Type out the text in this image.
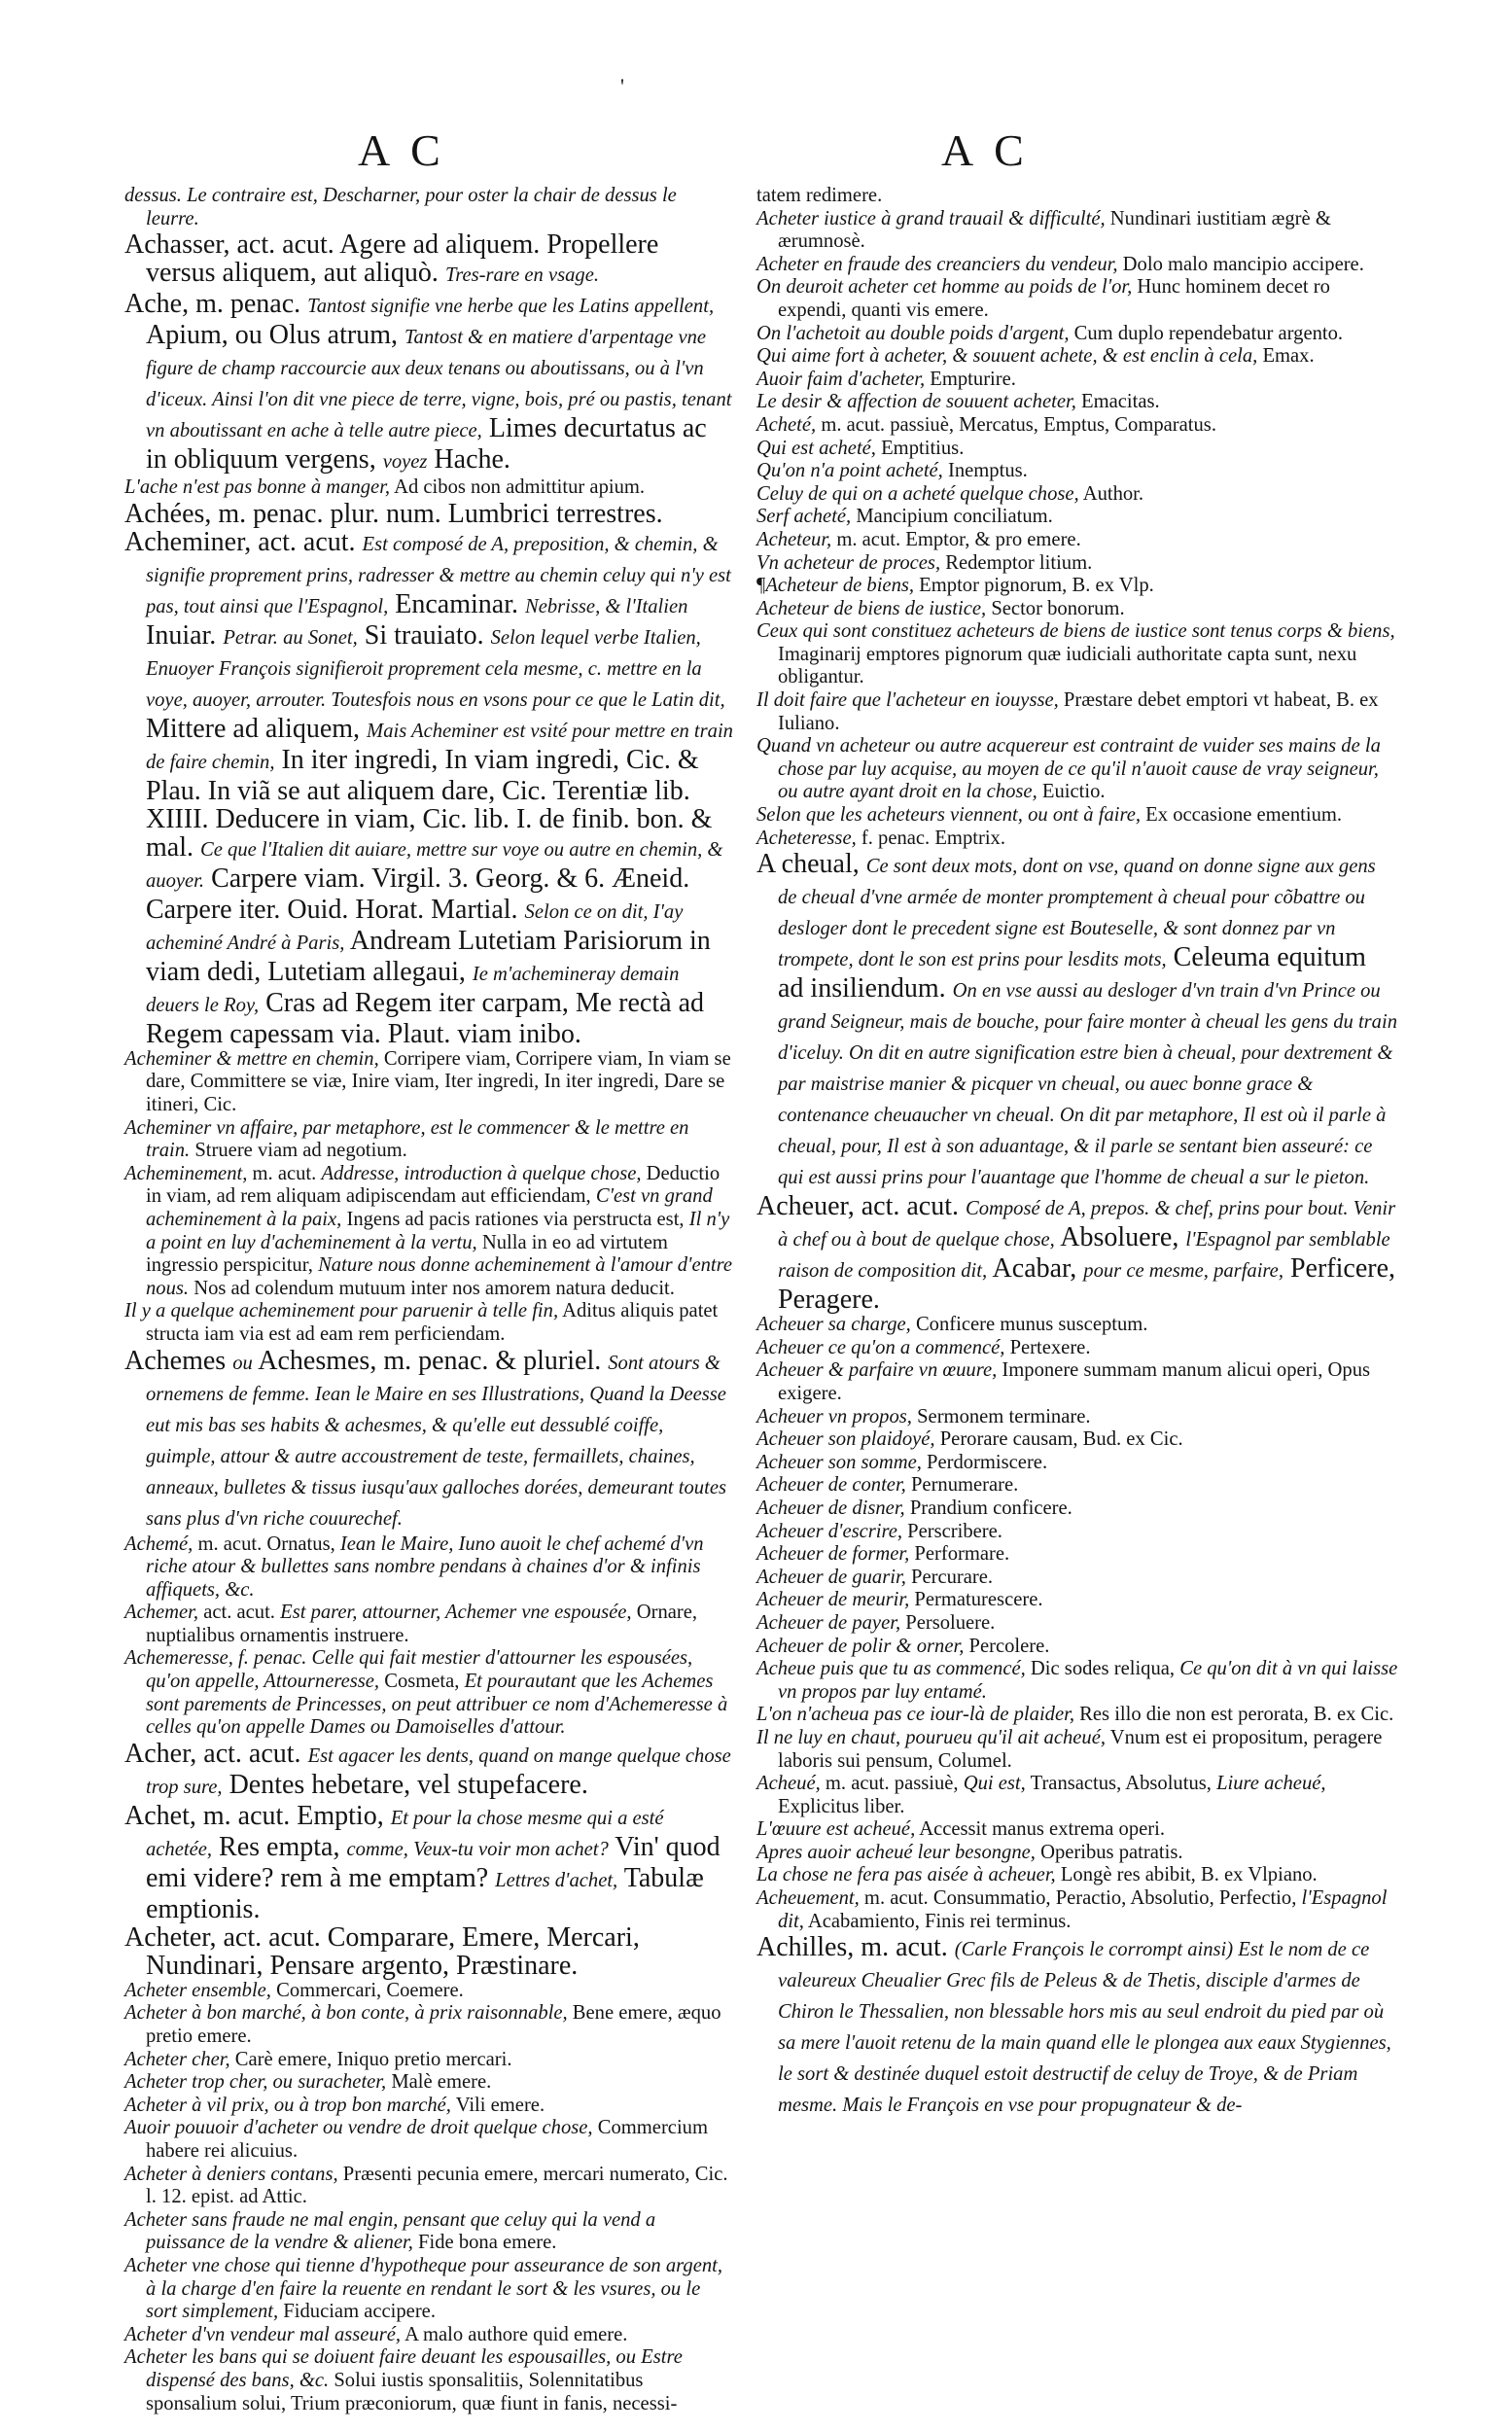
'
A C	A C

dessus. Le contraire est, Descharner, pour oster la chair de dessus le leurre.

Achasser, act. acut. Agere ad aliquem. Propellere versus aliquem, aut aliquò. Tres-rare en vsage.

Ache, m. penac. Tantost signifie vne herbe que les Latins appellent, Apium, ou Olus atrum, Tantost & en matiere d'arpentage vne figure de champ raccourcie aux deux tenans ou aboutissans, ou à l'vn d'iceux. Ainsi l'on dit vne piece de terre, vigne, bois, pré ou pastis, tenant vn aboutissant en ache à telle autre piece, Limes decurtatus ac in obliquum vergens, voyez Hache.

L'ache n'est pas bonne à manger, Ad cibos non admittitur apium.

Achées, m. penac. plur. num. Lumbrici terrestres.

Acheminer, act. acut. Est composé de A, preposition, & chemin, & signifie proprement prins, radresser & mettre au chemin celuy qui n'y est pas, tout ainsi que l'Espagnol, Encaminar. Nebrisse, & l'Italien Inuiar. Petrar. au Sonet, Si trauiato. Selon lequel verbe Italien, Enuoyer François signifieroit proprement cela mesme, c. mettre en la voye, auoyer, arrouter. Toutesfois nous en vsons pour ce que le Latin dit, Mittere ad aliquem, Mais Acheminer est vsité pour mettre en train de faire chemin, In iter ingredi, In viam ingredi, Cic. & Plau. In viã se aut aliquem dare, Cic. Terentiæ lib. XIIII. Deducere in viam, Cic. lib. I. de finib. bon. & mal. Ce que l'Italien dit auiare, mettre sur voye ou autre en chemin, & auoyer. Carpere viam. Virgil. 3. Georg. & 6. Æneid. Carpere iter. Ouid. Horat. Martial. Selon ce on dit, I'ay acheminé André à Paris, Andream Lutetiam Parisiorum in viam dedi, Lutetiam allegaui, Ie m'achemineray demain deuers le Roy, Cras ad Regem iter carpam, Me rectà ad Regem capessam via. Plaut. viam inibo.

Acheminer & mettre en chemin, Corripere viam, Corripere viam, In viam se dare, Committere se viæ, Inire viam, Iter ingredi, In iter ingredi, Dare se itineri, Cic.

Acheminer vn affaire, par metaphore, est le commencer & le mettre en train. Struere viam ad negotium.

Acheminement, m. acut. Addresse, introduction à quelque chose, Deductio in viam, ad rem aliquam adipiscendam aut efficiendam, C'est vn grand acheminement à la paix, Ingens ad pacis rationes via perstructa est, Il n'y a point en luy d'acheminement à la vertu, Nulla in eo ad virtutem ingressio perspicitur, Nature nous donne acheminement à l'amour d'entre nous. Nos ad colendum mutuum inter nos amorem natura deducit.

Il y a quelque acheminement pour paruenir à telle fin, Aditus aliquis patet structa iam via est ad eam rem perficiendam.

Achemes ou Achesmes, m. penac. & pluriel. Sont atours & ornemens de femme. Iean le Maire en ses Illustrations, Quand la Deesse eut mis bas ses habits & achesmes, & qu'elle eut dessublé coiffe, guimple, attour & autre accoustrement de teste, fermaillets, chaines, anneaux, bulletes & tissus iusqu'aux galloches dorées, demeurant toutes sans plus d'vn riche couurechef.

Achemé, m. acut. Ornatus, Iean le Maire, Iuno auoit le chef achemé d'vn riche atour & bullettes sans nombre pendans à chaines d'or & infinis affiquets, &c.

Achemer, act. acut. Est parer, attourner, Achemer vne espousée, Ornare, nuptialibus ornamentis instruere.

Achemeresse, f. penac. Celle qui fait mestier d'attourner les espousées, qu'on appelle, Attourneresse, Cosmeta, Et pourautant que les Achemes sont parements de Princesses, on peut attribuer ce nom d'Achemeresse à celles qu'on appelle Dames ou Damoiselles d'attour.

Acher, act. acut. Est agacer les dents, quand on mange quelque chose trop sure, Dentes hebetare, vel stupefacere.

Achet, m. acut. Emptio, Et pour la chose mesme qui a esté achetée, Res empta, comme, Veux-tu voir mon achet? Vin' quod emi videre? rem à me emptam? Lettres d'achet, Tabulæ emptionis.

Acheter, act. acut. Comparare, Emere, Mercari, Nundinari, Pensare argento, Præstinare.

Acheter ensemble, Commercari, Coemere.

Acheter à bon marché, à bon conte, à prix raisonnable, Bene emere, æquo pretio emere.

Acheter cher, Carè emere, Iniquo pretio mercari.

Acheter trop cher, ou suracheter, Malè emere.

Acheter à vil prix, ou à trop bon marché, Vili emere.

Auoir pouuoir d'acheter ou vendre de droit quelque chose, Commercium habere rei alicuius.

Acheter à deniers contans, Præsenti pecunia emere, mercari numerato, Cic. l. 12. epist. ad Attic.

Acheter sans fraude ne mal engin, pensant que celuy qui la vend a puissance de la vendre & aliener, Fide bona emere.

Acheter vne chose qui tienne d'hypotheque pour asseurance de son argent, à la charge d'en faire la reuente en rendant le sort & les vsures, ou le sort simplement, Fiduciam accipere.

Acheter d'vn vendeur mal asseuré, A malo authore quid emere.

Acheter les bans qui se doiuent faire deuant les espousailles, ou Estre dispensé des bans, &c. Solui iustis sponsalitiis, Solennitatibus sponsalium solui, Trium præconiorum, quæ fiunt in fanis, necessi-

tatem redimere.

Acheter iustice à grand trauail & difficulté, Nundinari iustitiam ægrè & ærumnosè.

Acheter en fraude des creanciers du vendeur, Dolo malo mancipio accipere.

On deuroit acheter cet homme au poids de l'or, Hunc hominem decet ro expendi, quanti vis emere.

On l'achetoit au double poids d'argent, Cum duplo rependebatur argento.

Qui aime fort à acheter, & souuent achete, & est enclin à cela, Emax.

Auoir faim d'acheter, Empturire.

Le desir & affection de souuent acheter, Emacitas.

Acheté, m. acut. passiuè, Mercatus, Emptus, Comparatus.

Qui est acheté, Emptitius.

Qu'on n'a point acheté, Inemptus.

Celuy de qui on a acheté quelque chose, Author.

Serf acheté, Mancipium conciliatum.

Acheteur, m. acut. Emptor, & pro emere.

Vn acheteur de proces, Redemptor litium.

¶Acheteur de biens, Emptor pignorum, B. ex Vlp.

Acheteur de biens de iustice, Sector bonorum.

Ceux qui sont constituez acheteurs de biens de iustice sont tenus corps & biens, Imaginarij emptores pignorum quæ iudiciali authoritate capta sunt, nexu obligantur.

Il doit faire que l'acheteur en iouysse, Præstare debet emptori vt habeat, B. ex Iuliano.

Quand vn acheteur ou autre acquereur est contraint de vuider ses mains de la chose par luy acquise, au moyen de ce qu'il n'auoit cause de vray seigneur, ou autre ayant droit en la chose, Euictio.

Selon que les acheteurs viennent, ou ont à faire, Ex occasione ementium.

Acheteresse, f. penac. Emptrix.

A cheual, Ce sont deux mots, dont on vse, quand on donne signe aux gens de cheual d'vne armée de monter promptement à cheual pour cõbattre ou desloger dont le precedent signe est Bouteselle, & sont donnez par vn trompete, dont le son est prins pour lesdits mots, Celeuma equitum ad insiliendum. On en vse aussi au desloger d'vn train d'vn Prince ou grand Seigneur, mais de bouche, pour faire monter à cheual les gens du train d'iceluy. On dit en autre signification estre bien à cheual, pour dextrement & par maistrise manier & picquer vn cheual, ou auec bonne grace & contenance cheuaucher vn cheual. On dit par metaphore, Il est où il parle à cheual, pour, Il est à son aduantage, & il parle se sentant bien asseuré: ce qui est aussi prins pour l'auantage que l'homme de cheual a sur le pieton.

Acheuer, act. acut. Composé de A, prepos. & chef, prins pour bout. Venir à chef ou à bout de quelque chose, Absoluere, l'Espagnol par semblable raison de composition dit, Acabar, pour ce mesme, parfaire, Perficere, Peragere.

Acheuer sa charge, Conficere munus susceptum.

Acheuer ce qu'on a commencé, Pertexere.

Acheuer & parfaire vn œuure, Imponere summam manum alicui operi, Opus exigere.

Acheuer vn propos, Sermonem terminare.

Acheuer son plaidoyé, Perorare causam, Bud. ex Cic.

Acheuer son somme, Perdormiscere.

Acheuer de conter, Pernumerare.

Acheuer de disner, Prandium conficere.

Acheuer d'escrire, Perscribere.

Acheuer de former, Performare.

Acheuer de guarir, Percurare.

Acheuer de meurir, Permaturescere.

Acheuer de payer, Persoluere.

Acheuer de polir & orner, Percolere.

Acheue puis que tu as commencé, Dic sodes reliqua, Ce qu'on dit à vn qui laisse vn propos par luy entamé.

L'on n'acheua pas ce iour-là de plaider, Res illo die non est perorata, B. ex Cic.

Il ne luy en chaut, pourueu qu'il ait acheué, Vnum est ei propositum, peragere laboris sui pensum, Columel.

Acheué, m. acut. passiuè, Qui est, Transactus, Absolutus, Liure acheué, Explicitus liber.

L'œuure est acheué, Accessit manus extrema operi.

Apres auoir acheué leur besongne, Operibus patratis.

La chose ne fera pas aisée à acheuer, Longè res abibit, B. ex Vlpiano.

Acheuement, m. acut. Consummatio, Peractio, Absolutio, Perfectio, l'Espagnol dit, Acabamiento, Finis rei terminus.

Achilles, m. acut. (Carle François le corrompt ainsi) Est le nom de ce valeureux Cheualier Grec fils de Peleus & de Thetis, disciple d'armes de Chiron le Thessalien, non blessable hors mis au seul endroit du pied par où sa mere l'auoit retenu de la main quand elle le plongea aux eaux Stygiennes, le sort & destinée duquel estoit destructif de celuy de Troye, & de Priam mesme. Mais le François en vse pour propugnateur & de-
